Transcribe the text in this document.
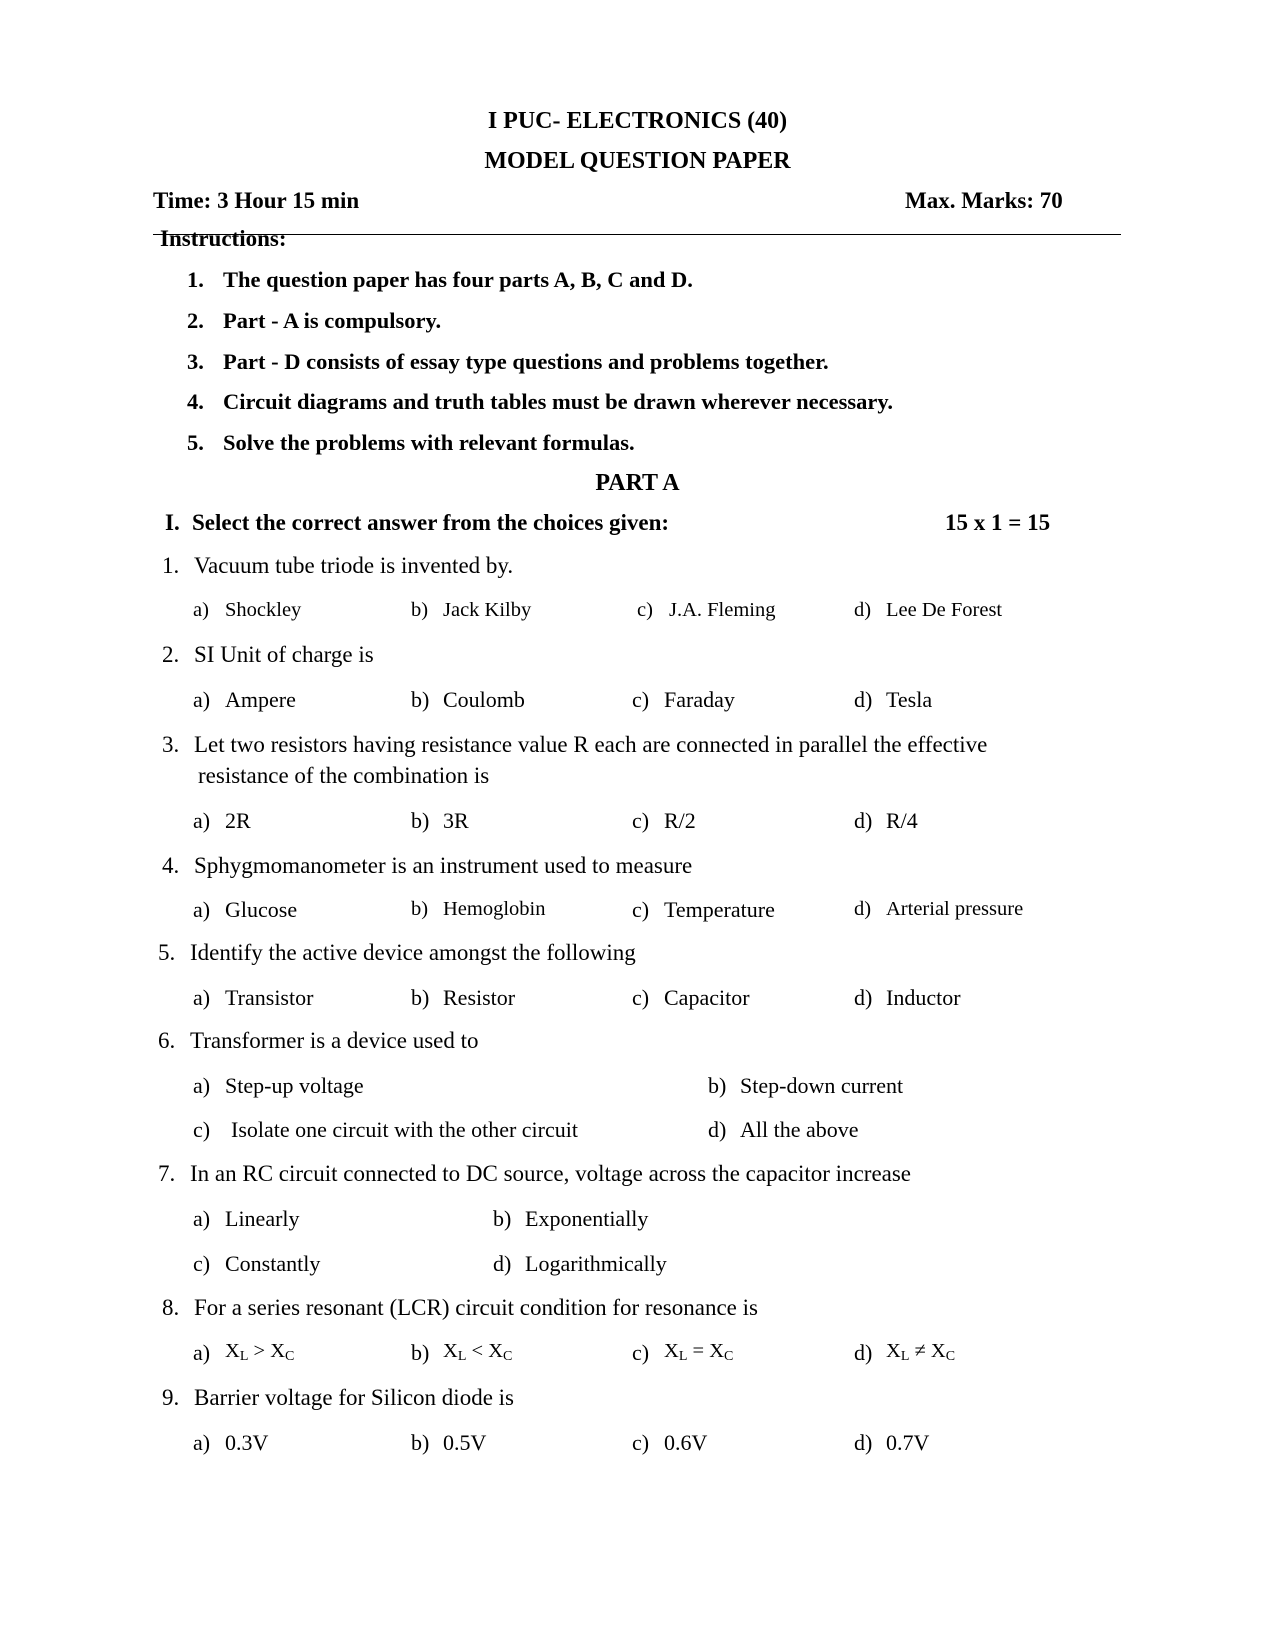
I PUC- ELECTRONICS (40)
MODEL QUESTION PAPER
Time: 3 Hour 15 min	Max. Marks: 70
Instructions:
1. The question paper has four parts A, B, C and D.
2. Part - A is compulsory.
3. Part - D consists of essay type questions and problems together.
4. Circuit diagrams and truth tables must be drawn wherever necessary.
5. Solve the problems with relevant formulas.
PART A
I. Select the correct answer from the choices given:	15 x 1 = 15
1. Vacuum tube triode is invented by.
a) Shockley	b) Jack Kilby	c) J.A. Fleming	d) Lee De Forest
2. SI Unit of charge is
a) Ampere	b) Coulomb	c) Faraday	d) Tesla
3. Let two resistors having resistance value R each are connected in parallel the effective
resistance of the combination is
a) 2R	b) 3R	c) R/2	d) R/4
4. Sphygmomanometer is an instrument used to measure
a) Glucose	b) Hemoglobin	c) Temperature	d) Arterial pressure
5. Identify the active device amongst the following
a) Transistor	b) Resistor	c) Capacitor	d) Inductor
6. Transformer is a device used to
a) Step-up voltage	b) Step-down current
c) Isolate one circuit with the other circuit	d) All the above
7. In an RC circuit connected to DC source, voltage across the capacitor increase
a) Linearly	b) Exponentially
c) Constantly	d) Logarithmically
8. For a series resonant (LCR) circuit condition for resonance is
a) $X_L > X_C$	b) $X_L < X_C$	c) $X_L = X_C$	d) $X_L \ne X_C$
9. Barrier voltage for Silicon diode is
a) 0.3V	b) 0.5V	c) 0.6V	d) 0.7V
